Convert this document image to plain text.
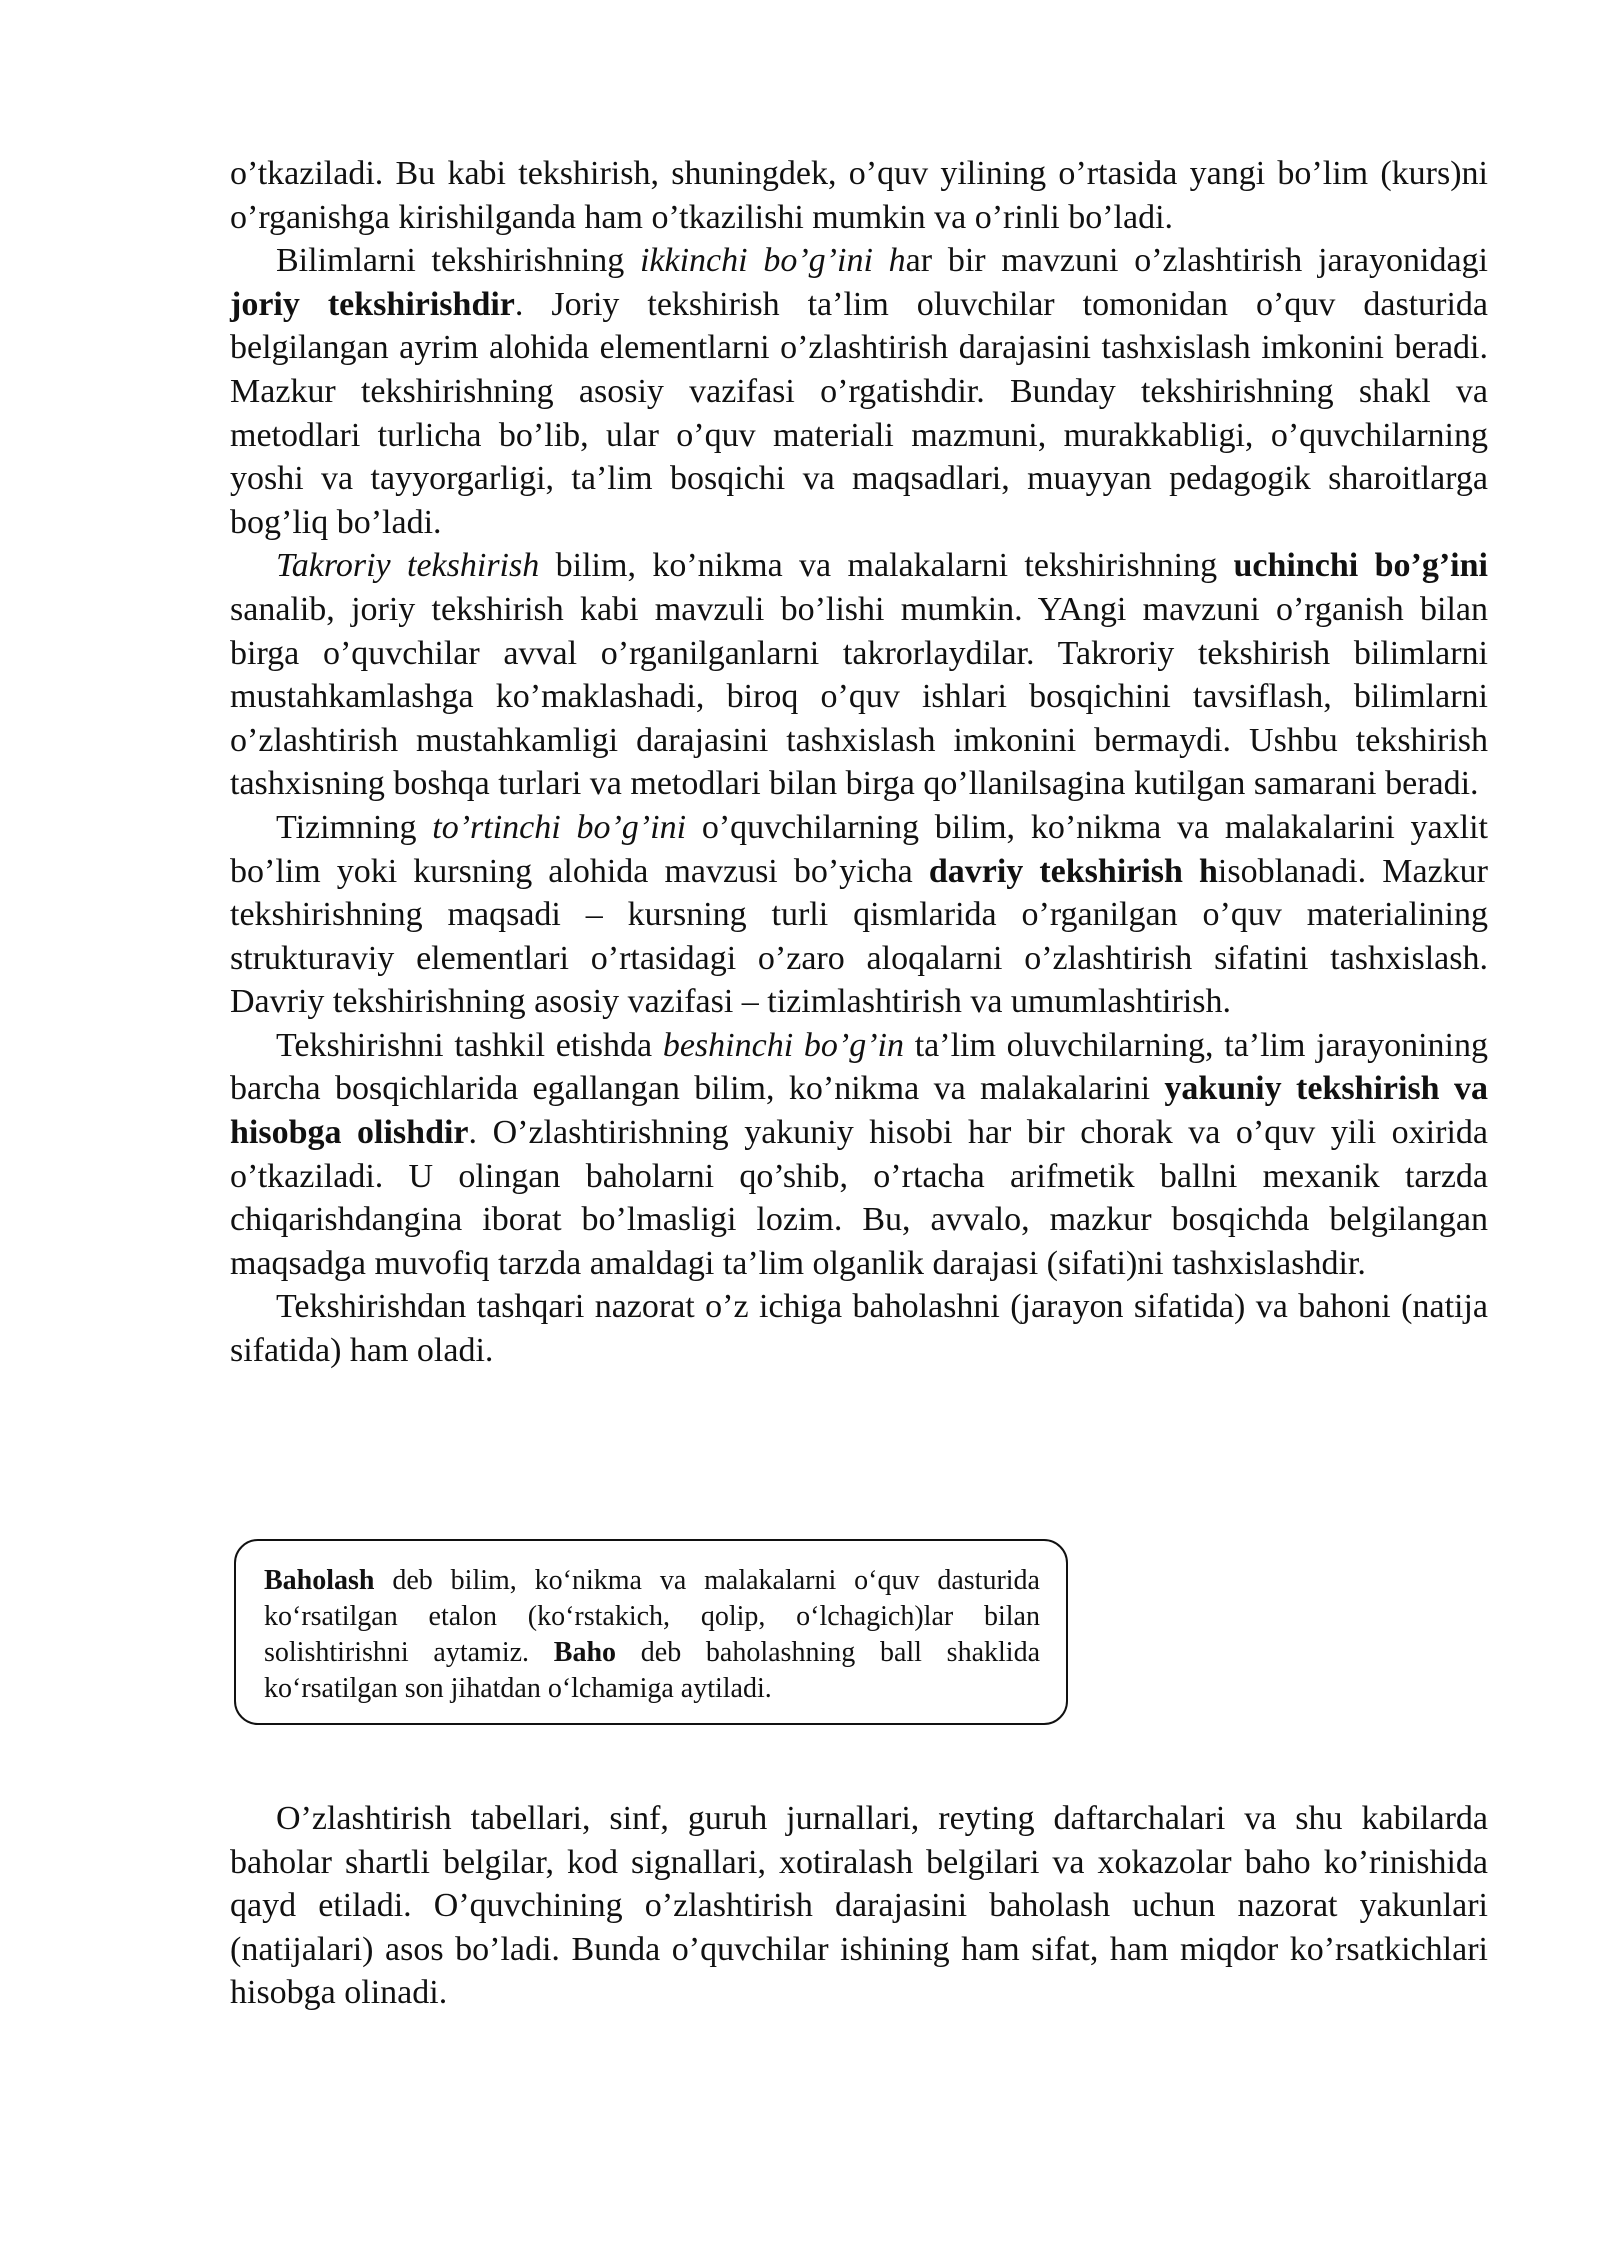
o’tkaziladi. Bu kabi tekshirish, shuningdek, o’quv yilining o’rtasida yangi bo’lim (kurs)ni o’rganishga kirishilganda ham o’tkazilishi mumkin va o’rinli bo’ladi.

Bilimlarni tekshirishning ikkinchi bo’g’ini har bir mavzuni o’zlashtirish jarayonidagi joriy tekshirishdir. Joriy tekshirish ta’lim oluvchilar tomonidan o’quv dasturida belgilangan ayrim alohida elementlarni o’zlashtirish darajasini tashxislash imkonini beradi. Mazkur tekshirishning asosiy vazifasi o’rgatishdir. Bunday tekshirishning shakl va metodlari turlicha bo’lib, ular o’quv materiali mazmuni, murakkabligi, o’quvchilarning yoshi va tayyorgarligi, ta’lim bosqichi va maqsadlari, muayyan pedagogik sharoitlarga bog’liq bo’ladi.

Takroriy tekshirish bilim, ko’nikma va malakalarni tekshirishning uchinchi bo’g’ini sanalib, joriy tekshirish kabi mavzuli bo’lishi mumkin. YAngi mavzuni o’rganish bilan birga o’quvchilar avval o’rganilganlarni takrorlaydilar. Takroriy tekshirish bilimlarni mustahkamlashga ko’maklashadi, biroq o’quv ishlari bosqichini tavsiflash, bilimlarni o’zlashtirish mustahkamligi darajasini tashxislash imkonini bermaydi. Ushbu tekshirish tashxisning boshqa turlari va metodlari bilan birga qo’llanilsagina kutilgan samarani beradi.

Tizimning to’rtinchi bo’g’ini o’quvchilarning bilim, ko’nikma va malakalarini yaxlit bo’lim yoki kursning alohida mavzusi bo’yicha davriy tekshirish hisoblanadi. Mazkur tekshirishning maqsadi – kursning turli qismlarida o’rganilgan o’quv materialining strukturaviy elementlari o’rtasidagi o’zaro aloqalarni o’zlashtirish sifatini tashxislash. Davriy tekshirishning asosiy vazifasi – tizimlashtirish va umumlashtirish.

Tekshirishni tashkil etishda beshinchi bo’g’in ta’lim oluvchilarning, ta’lim jarayonining barcha bosqichlarida egallangan bilim, ko’nikma va malakalarini yakuniy tekshirish va hisobga olishdir. O’zlashtirishning yakuniy hisobi har bir chorak va o’quv yili oxirida o’tkaziladi. U olingan baholarni qo’shib, o’rtacha arifmetik ballni mexanik tarzda chiqarishdangina iborat bo’lmasligi lozim. Bu, avvalo, mazkur bosqichda belgilangan maqsadga muvofiq tarzda amaldagi ta’lim olganlik darajasi (sifati)ni tashxislashdir.

Tekshirishdan tashqari nazorat o’z ichiga baholashni (jarayon sifatida) va bahoni (natija sifatida) ham oladi.

Baholash deb bilim, ko‘nikma va malakalarni o‘quv dasturida ko‘rsatilgan etalon (ko‘rstakich, qolip, o‘lchagich)lar bilan solishtirishni aytamiz. Baho deb baholashning ball shaklida ko‘rsatilgan son jihatdan o‘lchamiga aytiladi.

O’zlashtirish tabellari, sinf, guruh jurnallari, reyting daftarchalari va shu kabilarda baholar shartli belgilar, kod signallari, xotiralash belgilari va xokazolar baho ko’rinishida qayd etiladi. O’quvchining o’zlashtirish darajasini baholash uchun nazorat yakunlari (natijalari) asos bo’ladi. Bunda o’quvchilar ishining ham sifat, ham miqdor ko’rsatkichlari hisobga olinadi.
